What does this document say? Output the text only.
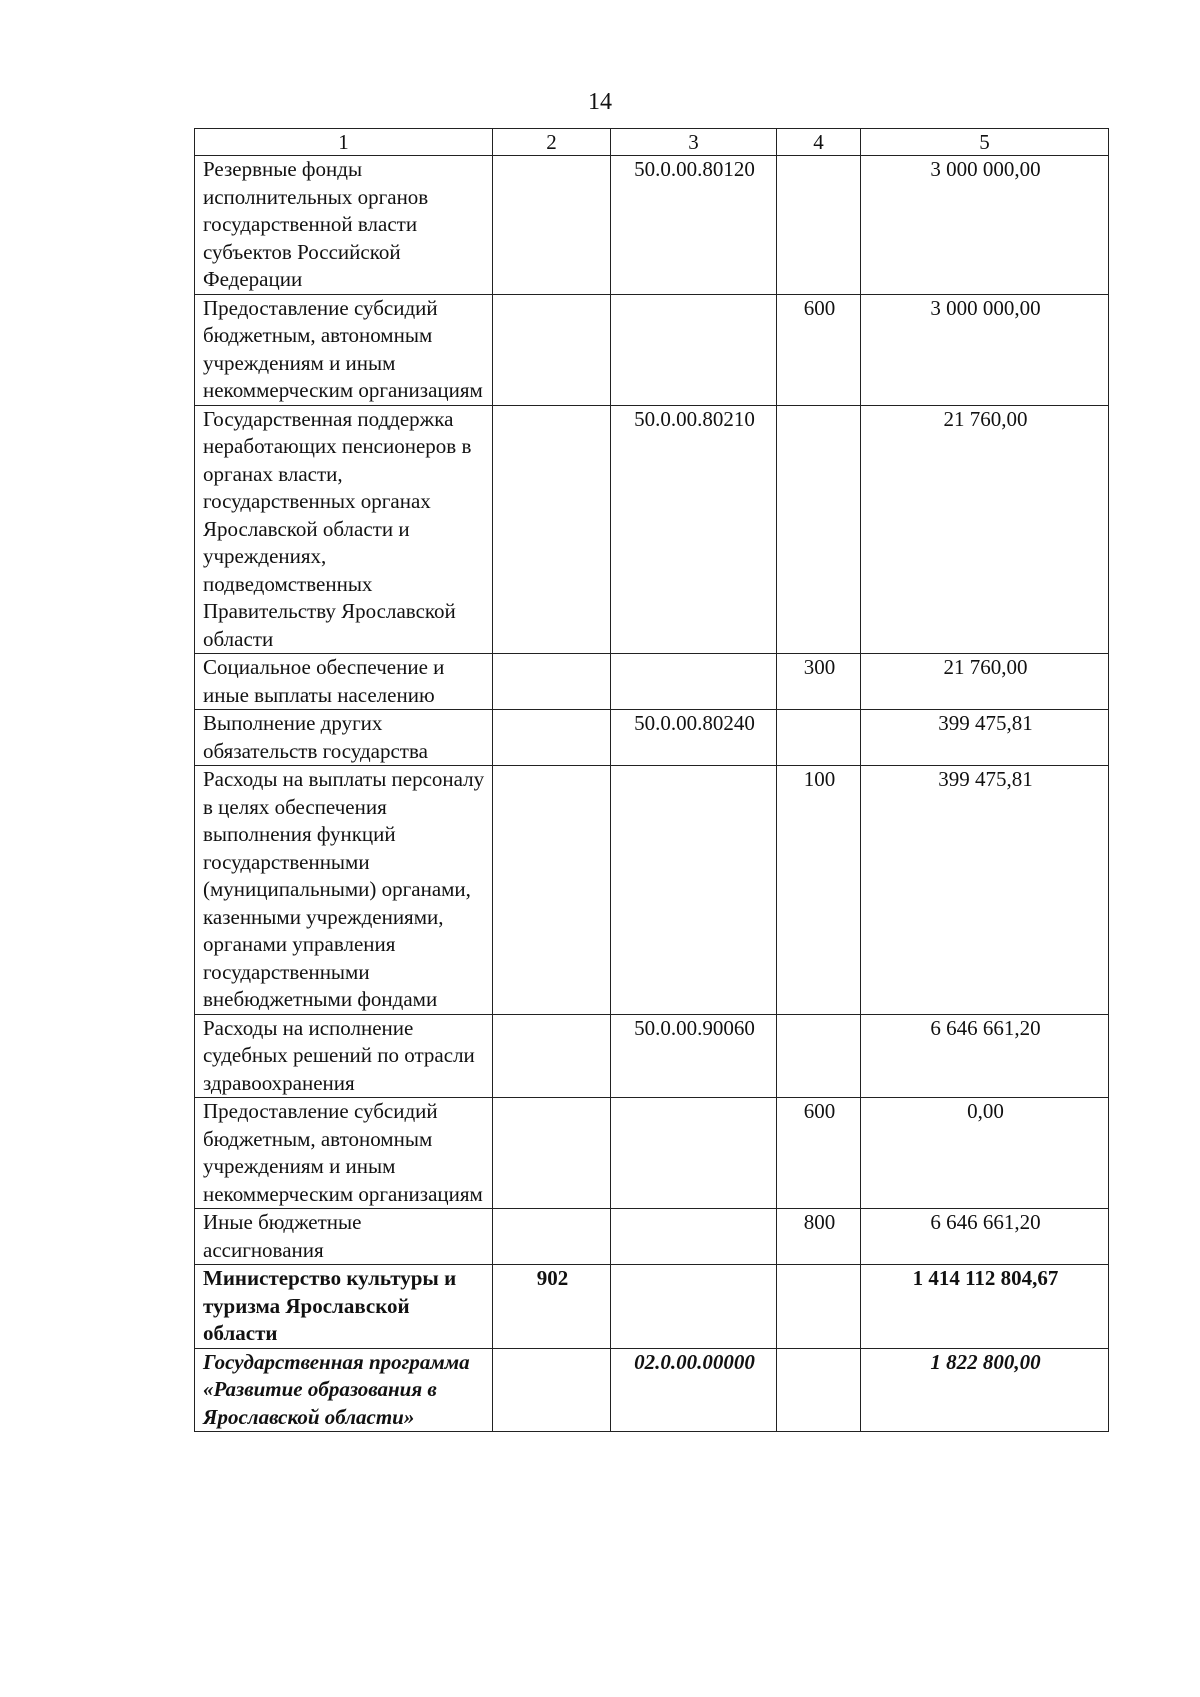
14
1	2	3	4	5
Резервные фонды исполнительных органов государственной власти субъектов Российской Федерации		50.0.00.80120		3 000 000,00
Предоставление субсидий бюджетным, автономным учреждениям и иным некоммерческим организациям			600	3 000 000,00
Государственная поддержка неработающих пенсионеров в органах власти, государственных органах Ярославской области и учреждениях, подведомственных Правительству Ярославской области		50.0.00.80210		21 760,00
Социальное обеспечение и иные выплаты населению			300	21 760,00
Выполнение других обязательств государства		50.0.00.80240		399 475,81
Расходы на выплаты персоналу в целях обеспечения выполнения функций государственными (муниципальными) органами, казенными учреждениями, органами управления государственными внебюджетными фондами			100	399 475,81
Расходы на исполнение судебных решений по отрасли здравоохранения		50.0.00.90060		6 646 661,20
Предоставление субсидий бюджетным, автономным учреждениям и иным некоммерческим организациям			600	0,00
Иные бюджетные ассигнования			800	6 646 661,20
Министерство культуры и туризма Ярославской области	902			1 414 112 804,67
Государственная программа «Развитие образования в Ярославской области»		02.0.00.00000		1 822 800,00
